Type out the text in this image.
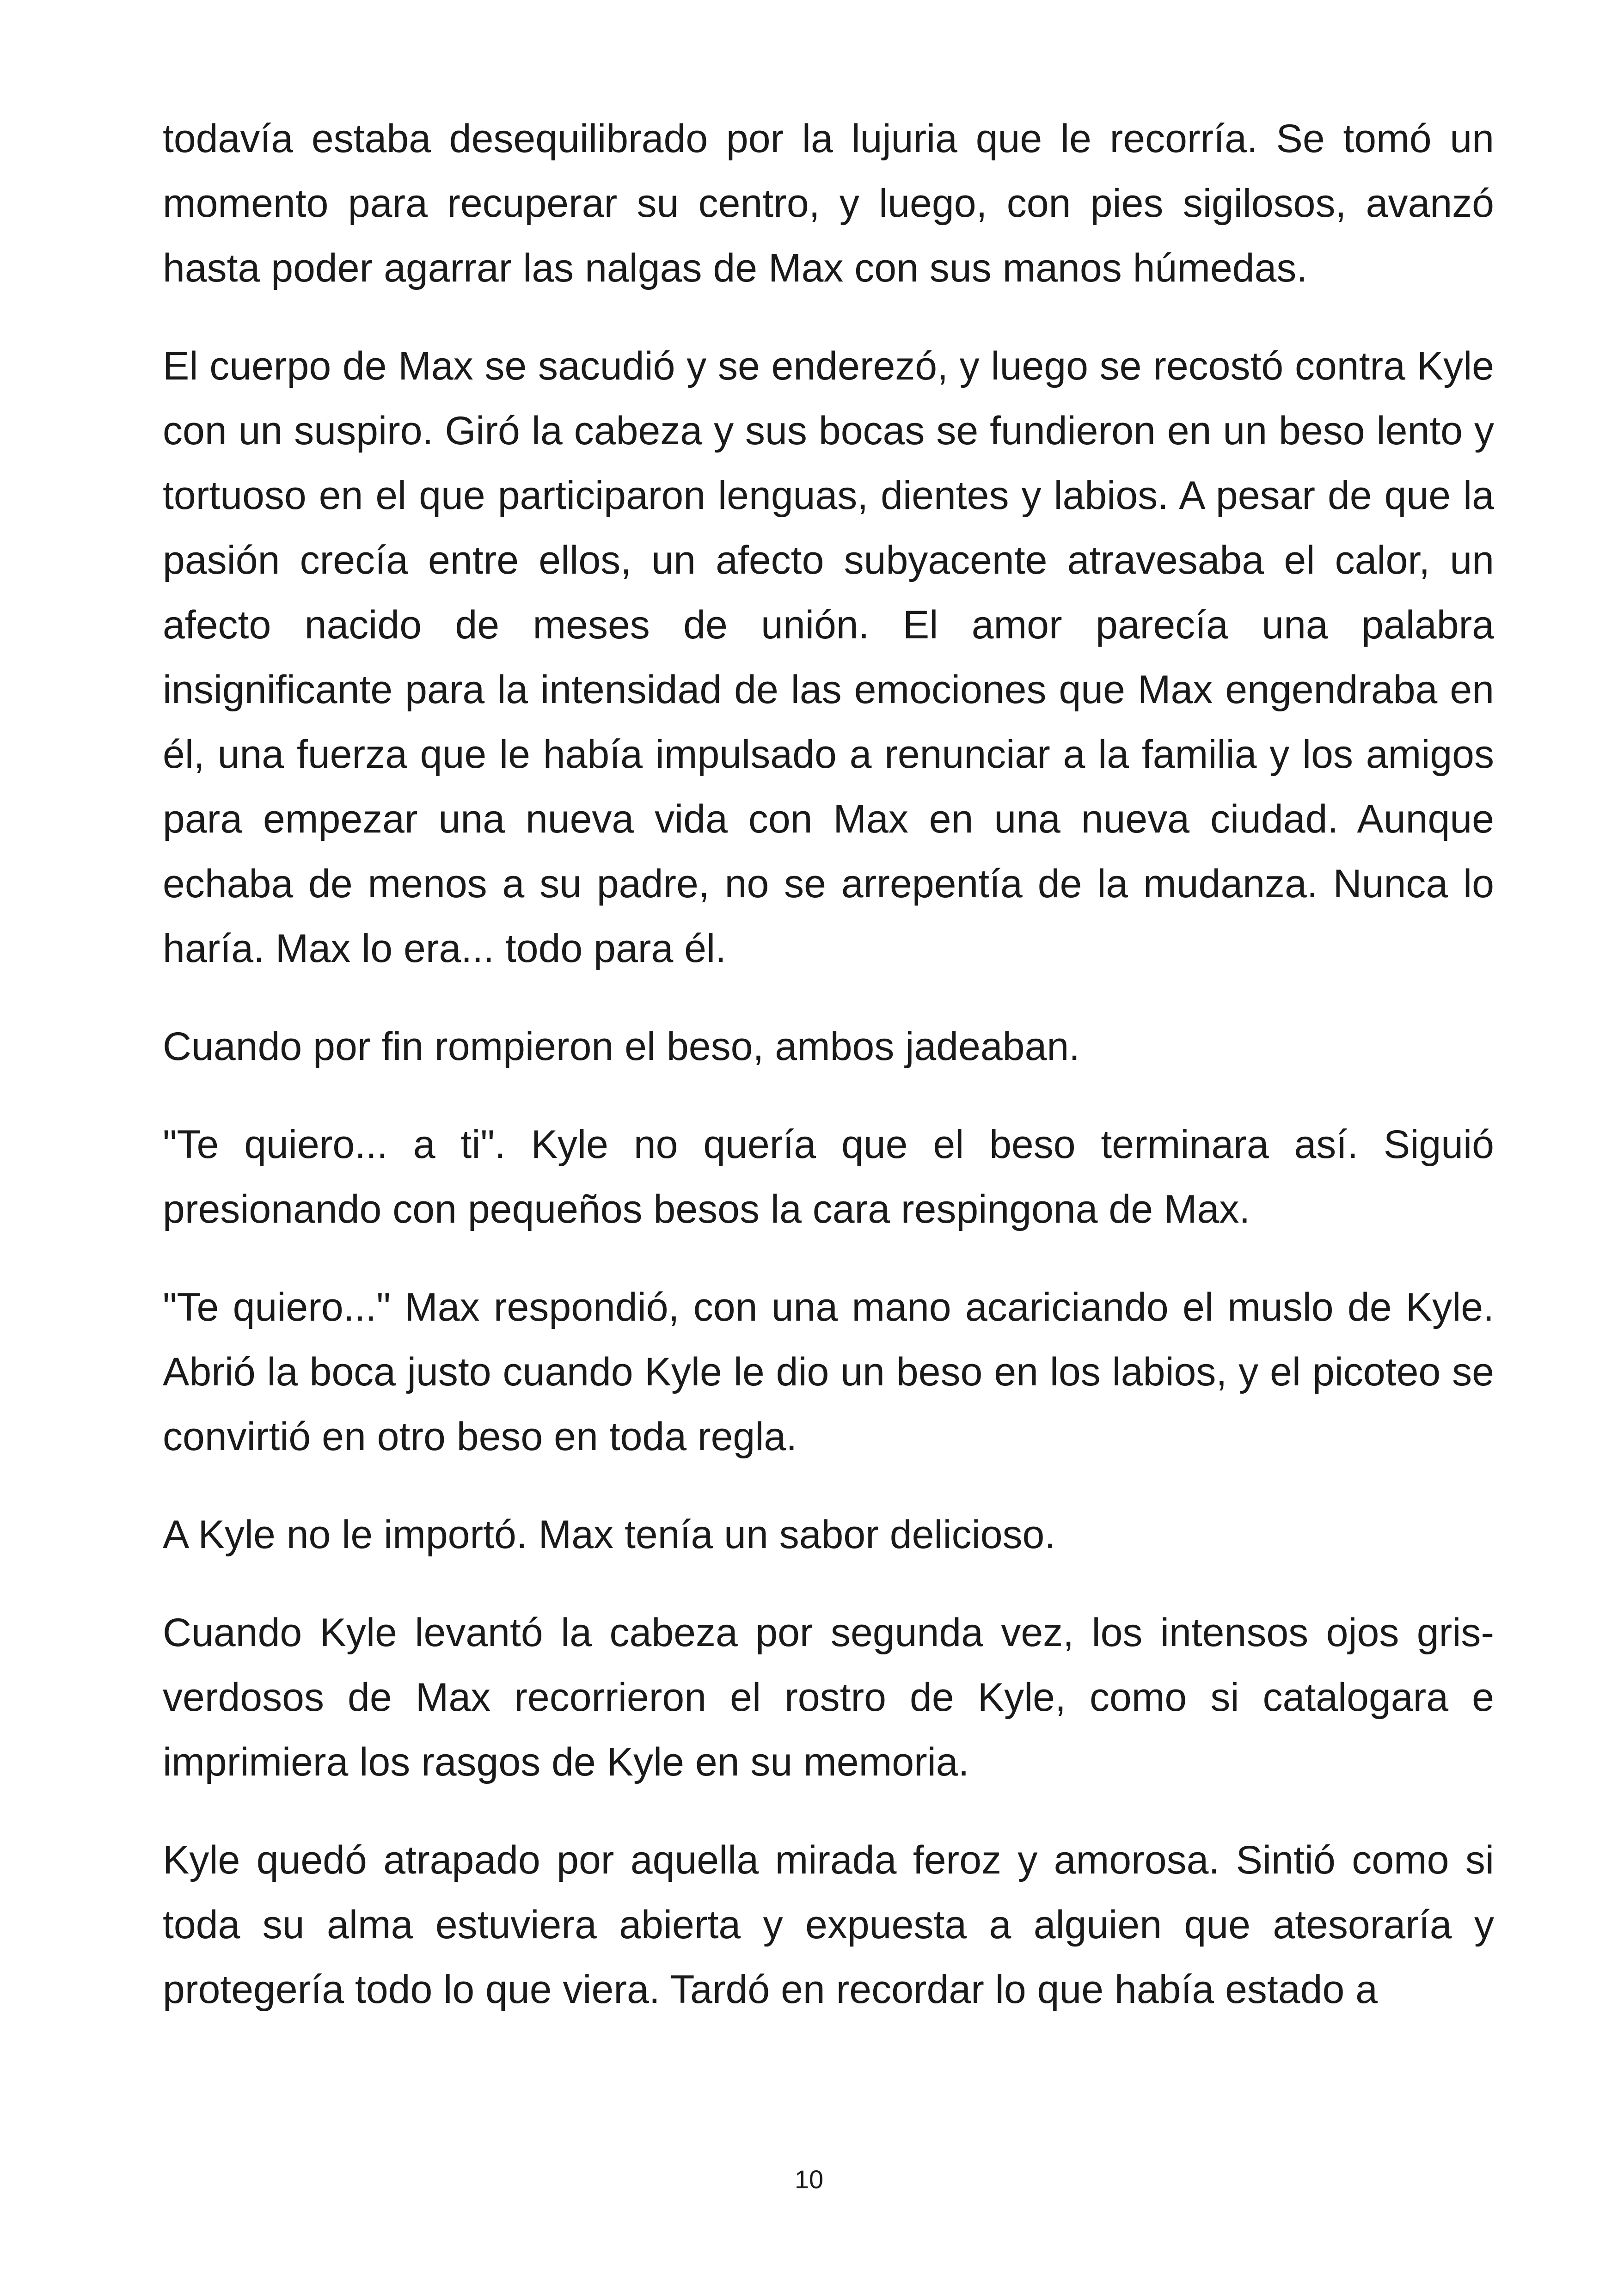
todavía estaba desequilibrado por la lujuria que le recorría. Se tomó un momento para recuperar su centro, y luego, con pies sigilosos, avanzó hasta poder agarrar las nalgas de Max con sus manos húmedas.

El cuerpo de Max se sacudió y se enderezó, y luego se recostó contra Kyle con un suspiro. Giró la cabeza y sus bocas se fundieron en un beso lento y tortuoso en el que participaron lenguas, dientes y labios. A pesar de que la pasión crecía entre ellos, un afecto subyacente atravesaba el calor, un afecto nacido de meses de unión. El amor parecía una palabra insignificante para la intensidad de las emociones que Max engendraba en él, una fuerza que le había impulsado a renunciar a la familia y los amigos para empezar una nueva vida con Max en una nueva ciudad. Aunque echaba de menos a su padre, no se arrepentía de la mudanza. Nunca lo haría. Max lo era... todo para él.

Cuando por fin rompieron el beso, ambos jadeaban.

"Te quiero... a ti". Kyle no quería que el beso terminara así. Siguió presionando con pequeños besos la cara respingona de Max.

"Te quiero..." Max respondió, con una mano acariciando el muslo de Kyle. Abrió la boca justo cuando Kyle le dio un beso en los labios, y el picoteo se convirtió en otro beso en toda regla.

A Kyle no le importó. Max tenía un sabor delicioso.

Cuando Kyle levantó la cabeza por segunda vez, los intensos ojos gris-verdosos de Max recorrieron el rostro de Kyle, como si catalogara e imprimiera los rasgos de Kyle en su memoria.

Kyle quedó atrapado por aquella mirada feroz y amorosa. Sintió como si toda su alma estuviera abierta y expuesta a alguien que atesoraría y protegería todo lo que viera. Tardó en recordar lo que había estado a

10
